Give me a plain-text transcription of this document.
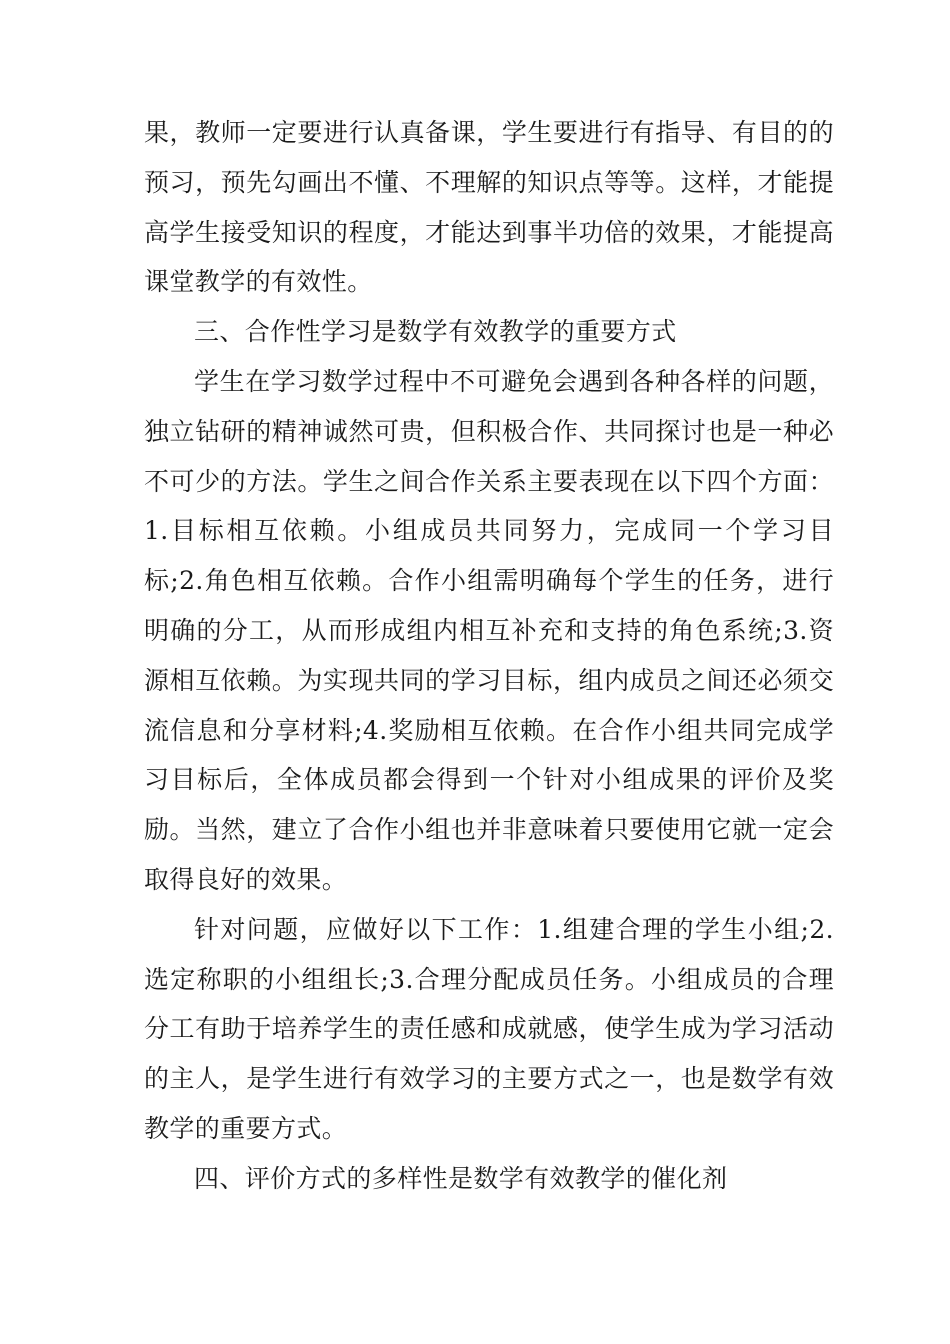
果，教师一定要进行认真备课，学生要进行有指导、有目的的预习，预先勾画出不懂、不理解的知识点等等。这样，才能提高学生接受知识的程度，才能达到事半功倍的效果，才能提高课堂教学的有效性。

三、合作性学习是数学有效教学的重要方式

学生在学习数学过程中不可避免会遇到各种各样的问题，独立钻研的精神诚然可贵，但积极合作、共同探讨也是一种必不可少的方法。学生之间合作关系主要表现在以下四个方面：1.目标相互依赖。小组成员共同努力，完成同一个学习目标;2.角色相互依赖。合作小组需明确每个学生的任务，进行明确的分工，从而形成组内相互补充和支持的角色系统;3.资源相互依赖。为实现共同的学习目标，组内成员之间还必须交流信息和分享材料;4.奖励相互依赖。在合作小组共同完成学习目标后，全体成员都会得到一个针对小组成果的评价及奖励。当然，建立了合作小组也并非意味着只要使用它就一定会取得良好的效果。

针对问题，应做好以下工作：1.组建合理的学生小组;2.选定称职的小组组长;3.合理分配成员任务。小组成员的合理分工有助于培养学生的责任感和成就感，使学生成为学习活动的主人，是学生进行有效学习的主要方式之一，也是数学有效教学的重要方式。

四、评价方式的多样性是数学有效教学的催化剂
